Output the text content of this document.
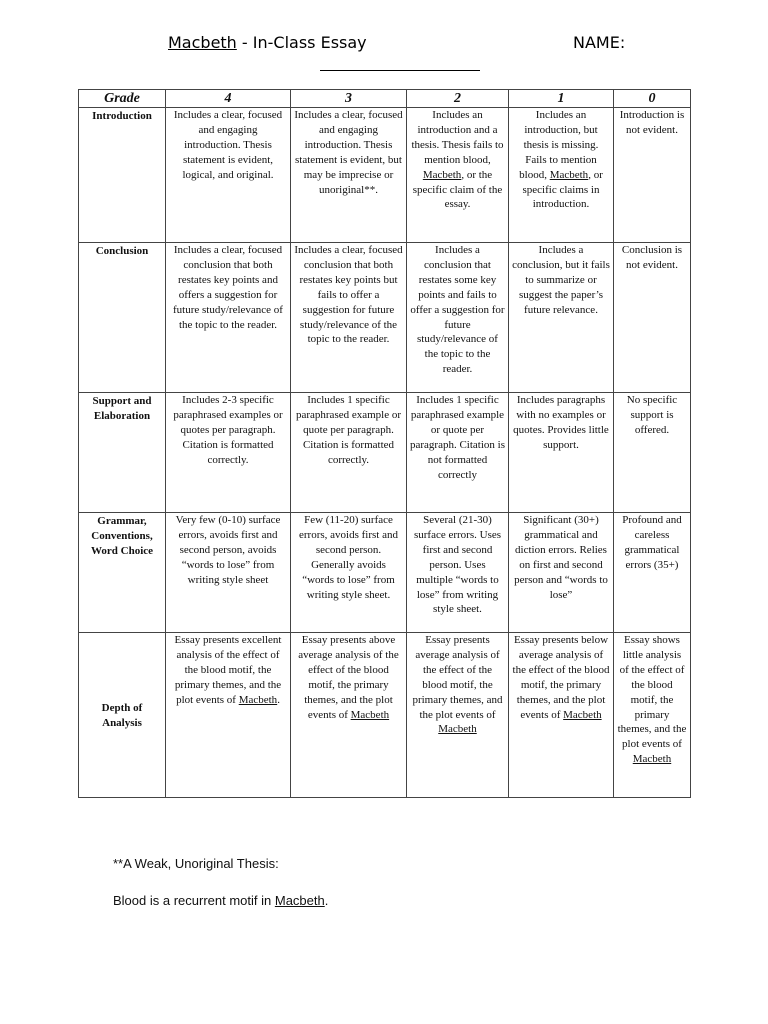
Macbeth - In-Class Essay	NAME:
Grade	4	3	2	1	0
Introduction	Includes a clear, focused and engaging introduction. Thesis statement is evident, logical, and original.	Includes a clear, focused and engaging introduction. Thesis statement is evident, but may be imprecise or unoriginal**.	Includes an introduction and a thesis. Thesis fails to mention blood, Macbeth, or the specific claim of the essay.	Includes an introduction, but thesis is missing. Fails to mention blood, Macbeth, or specific claims in introduction.	Introduction is not evident.
Conclusion	Includes a clear, focused conclusion that both restates key points and offers a suggestion for future study/relevance of the topic to the reader.	Includes a clear, focused conclusion that both restates key points but fails to offer a suggestion for future study/relevance of the topic to the reader.	Includes a conclusion that restates some key points and fails to offer a suggestion for future study/relevance of the topic to the reader.	Includes a conclusion, but it fails to summarize or suggest the paper’s future relevance.	Conclusion is not evident.
Support and Elaboration	Includes 2-3 specific paraphrased examples or quotes per paragraph. Citation is formatted correctly.	Includes 1 specific paraphrased example or quote per paragraph. Citation is formatted correctly.	Includes 1 specific paraphrased example or quote per paragraph. Citation is not formatted correctly	Includes paragraphs with no examples or quotes. Provides little support.	No specific support is offered.
Grammar, Conventions, Word Choice	Very few (0-10) surface errors, avoids first and second person, avoids “words to lose” from writing style sheet	Few (11-20) surface errors, avoids first and second person. Generally avoids “words to lose” from writing style sheet.	Several (21-30) surface errors. Uses first and second person. Uses multiple “words to lose” from writing style sheet.	Significant (30+) grammatical and diction errors. Relies on first and second person and “words to lose”	Profound and careless grammatical errors (35+)
Depth of Analysis	Essay presents excellent analysis of the effect of the blood motif, the primary themes, and the plot events of Macbeth.	Essay presents above average analysis of the effect of the blood motif, the primary themes, and the plot events of Macbeth	Essay presents average analysis of the effect of the blood motif, the primary themes, and the plot events of Macbeth	Essay presents below average analysis of the effect of the blood motif, the primary themes, and the plot events of Macbeth	Essay shows little analysis of the effect of the blood motif, the primary themes, and the plot events of Macbeth
**A Weak, Unoriginal Thesis:
Blood is a recurrent motif in Macbeth.
